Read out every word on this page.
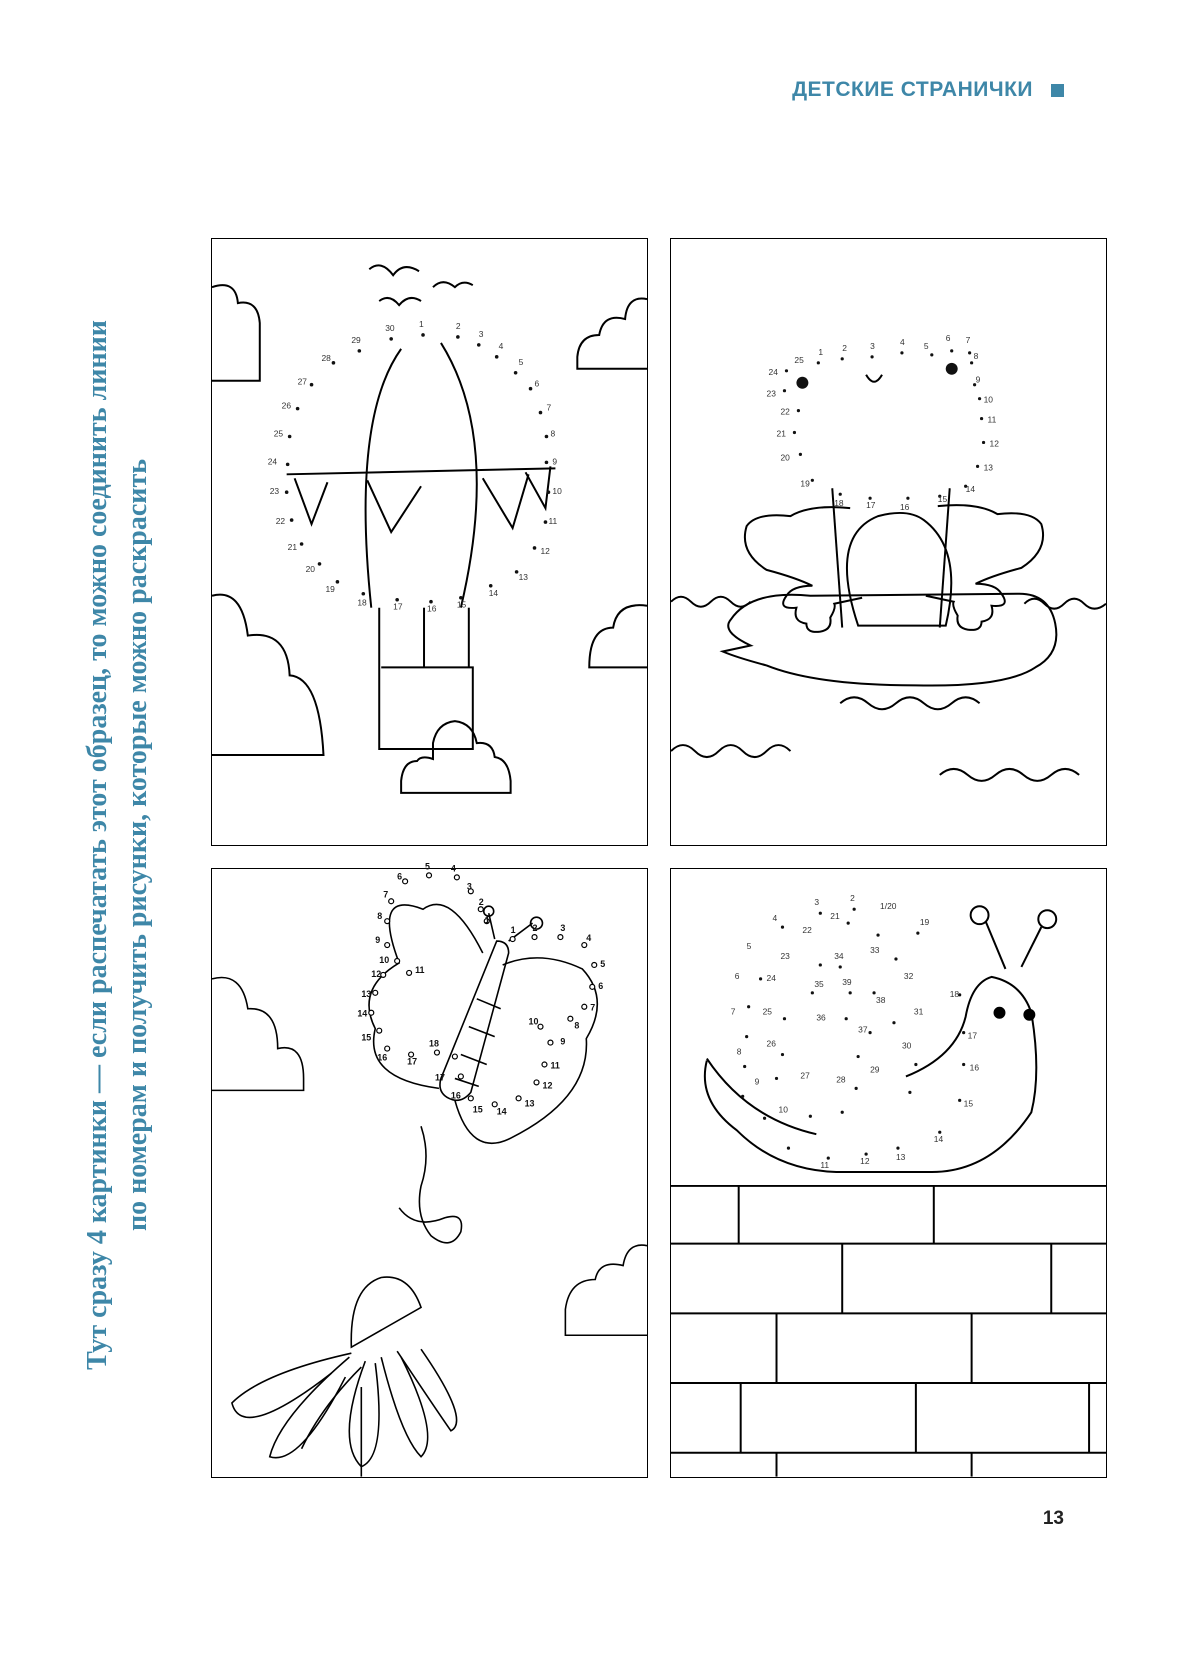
ДЕТСКИЕ СТРАНИЧКИ
Тут сразу 4 картинки — если распечатать этот образец, то можно соединить линии по номерам и получить рисунки, которые можно раскрасить
1	2
3
4
5
6
7
8
9
10
11
12
13
14
15
16
17
18
19
20
21
22
23
24
25
26
27
28
29
30
1 2	3	4 5
6 7
8
9
10
11
12
13
14
15
16
17
18
19
20
21
22
23
24
25
5 4
3
2
1
6
7
8
9
10
11
12
13
14
15
16 17
18
1 2	3
4
5
6
7
8
10
9
11
12
13
14
15
16
17
2
3
4
5
6
7
8
9
10
11	12	13
14
15
16
17
18
19
1/20
21
22
23
24
25
26
27	28
29
30
31
32
33
34
35
36
37
38
39
13
